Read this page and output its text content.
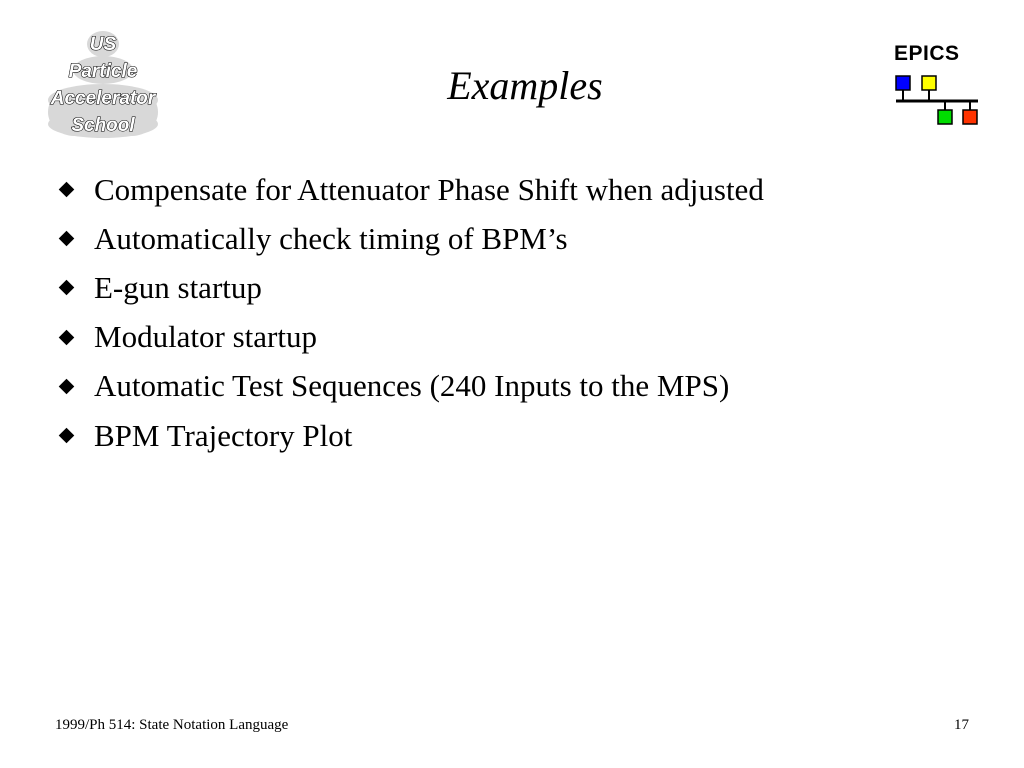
US
Particle
Accelerator
School
EPICS
Examples
Compensate for Attenuator Phase Shift when adjusted
Automatically check timing of BPM’s
E-gun startup
Modulator startup
Automatic Test Sequences (240 Inputs to the MPS)
BPM Trajectory Plot
1999/Ph 514: State Notation Language	17
